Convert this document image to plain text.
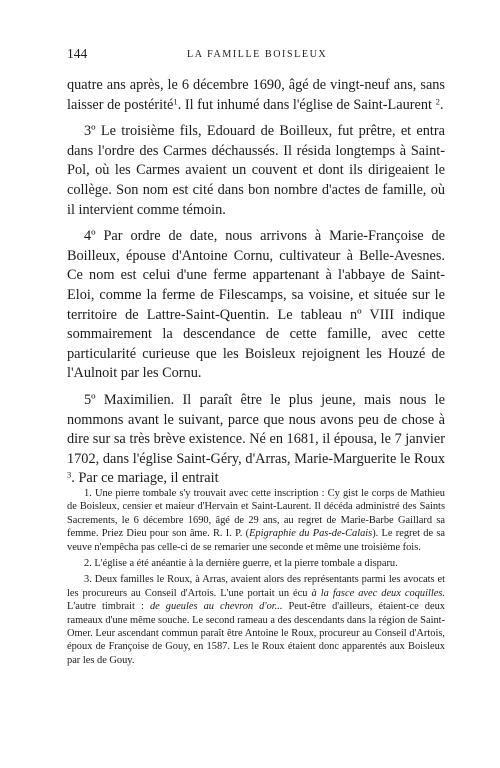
144	LA FAMILLE BOISLEUX

quatre ans après, le 6 décembre 1690, âgé de vingt-neuf ans, sans laisser de postérité$^1$. Il fut inhumé dans l'église de Saint-Laurent $^2$.

3º Le troisième fils, Edouard de Boilleux, fut prêtre, et entra dans l'ordre des Carmes déchaussés. Il résida longtemps à Saint-Pol, où les Carmes avaient un couvent et dont ils dirigeaient le collège. Son nom est cité dans bon nombre d'actes de famille, où il intervient comme témoin.

4º Par ordre de date, nous arrivons à Marie-Françoise de Boilleux, épouse d'Antoine Cornu, cultivateur à Belle-Avesnes. Ce nom est celui d'une ferme appartenant à l'abbaye de Saint-Eloi, comme la ferme de Filescamps, sa voisine, et située sur le territoire de Lattre-Saint-Quentin. Le tableau nº VIII indique sommairement la descendance de cette famille, avec cette particularité curieuse que les Boisleux rejoignent les Houzé de l'Aulnoit par les Cornu.

5º Maximilien. Il paraît être le plus jeune, mais nous le nommons avant le suivant, parce que nous avons peu de chose à dire sur sa très brève existence. Né en 1681, il épousa, le 7 janvier 1702, dans l'église Saint-Géry, d'Arras, Marie-Marguerite le Roux $^3$. Par ce mariage, il entrait

1. Une pierre tombale s'y trouvait avec cette inscription : Cy gist le corps de Mathieu de Boisleux, censier et maieur d'Hervain et Saint-Laurent. Il décéda administré des Saints Sacrements, le 6 décembre 1690, âgé de 29 ans, au regret de Marie-Barbe Gaillard sa femme. Priez Dieu pour son âme. R. I. P. (Epigraphie du Pas-de-Calais). Le regret de sa veuve n'empêcha pas celle-ci de se remarier une seconde et même une troisième fois.

2. L'église a été anéantie à la dernière guerre, et la pierre tombale a disparu.

3. Deux familles le Roux, à Arras, avaient alors des représentants parmi les avocats et les procureurs au Conseil d'Artois. L'une portait un écu à la fasce avec deux coquilles. L'autre timbrait : de gueules au chevron d'or... Peut-être d'ailleurs, étaient-ce deux rameaux d'une même souche. Le second rameau a des descendants dans la région de Saint-Omer. Leur ascendant commun paraît être Antoine le Roux, procureur au Conseil d'Artois, époux de Françoise de Gouy, en 1587. Les le Roux étaient donc apparentés aux Boisleux par les de Gouy.
